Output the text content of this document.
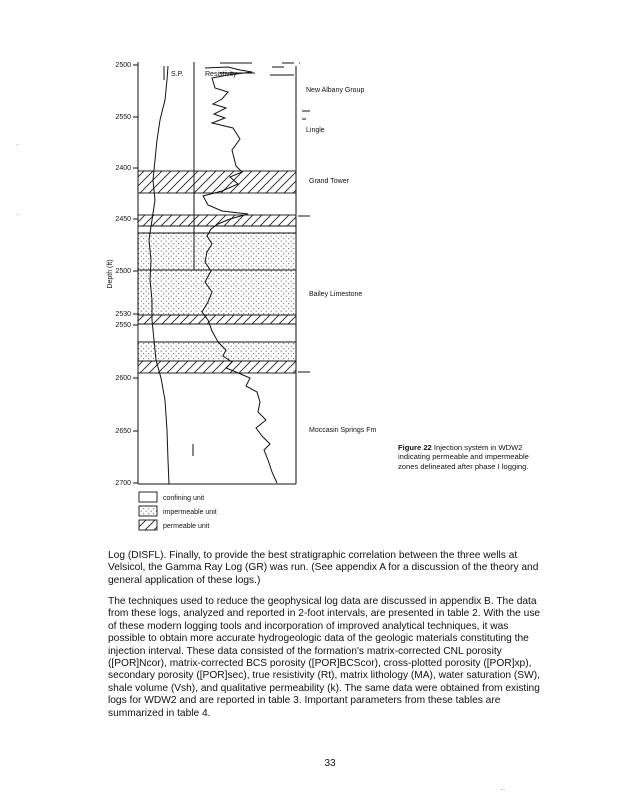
2500
2550
2400
2450
2500
2530
2550
2600
2650
2700
Depth (ft)
S.P.	Resistivity
New Albany Group
Lingle
Grand Tower
Bailey Limestone
Moccasin Springs Fm
confining unit
impermeable unit
permeable unit
Figure 22 Injection system in WDW2 indicating permeable and impermeable zones delineated after phase I logging.

Log (DISFL). Finally, to provide the best stratigraphic correlation between the three wells at Velsicol, the Gamma Ray Log (GR) was run. (See appendix A for a discussion of the theory and general application of these logs.)

The techniques used to reduce the geophysical log data are discussed in appendix B. The data from these logs, analyzed and reported in 2-foot intervals, are presented in table 2. With the use of these modern logging tools and incorporation of improved analytical techniques, it was possible to obtain more accurate hydrogeologic data of the geologic materials constituting the injection interval. These data consisted of the formation's matrix-corrected CNL porosity ([POR]Ncor), matrix-corrected BCS porosity ([POR]BCScor), cross-plotted porosity ([POR]xp), secondary porosity ([POR]sec), true resistivity (Rt), matrix lithology (MA), water saturation (SW), shale volume (Vsh), and qualitative permeability (k). The same data were obtained from existing logs for WDW2 and are reported in table 3. Important parameters from these tables are summarized in table 4.

33
·
·
··
